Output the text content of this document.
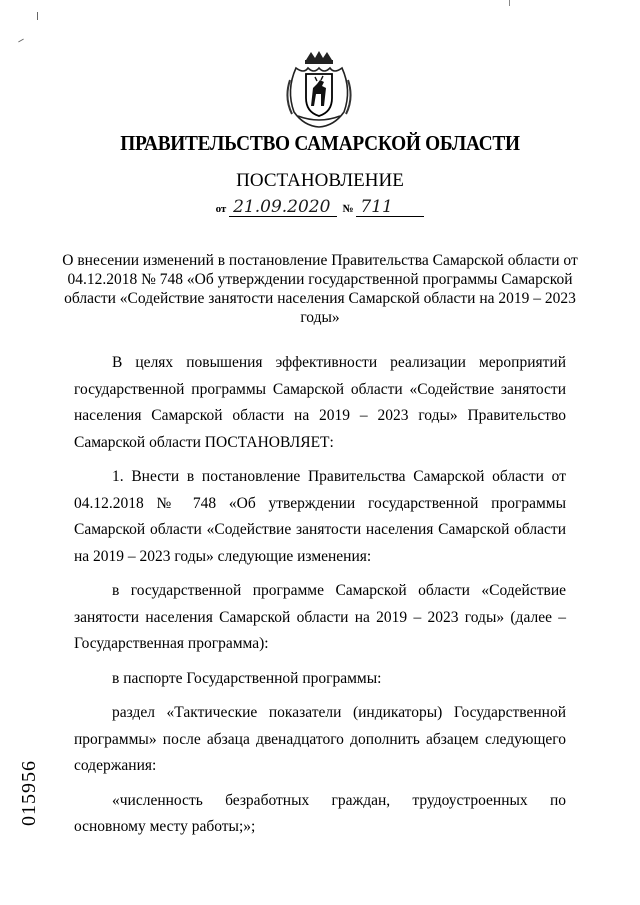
ПРАВИТЕЛЬСТВО САМАРСКОЙ ОБЛАСТИ
ПОСТАНОВЛЕНИЕ
от 21.09.2020 № 711
О внесении изменений в постановление Правительства Самарской области от 04.12.2018 № 748 «Об утверждении государственной программы Самарской области «Содействие занятости населения Самарской области на 2019 – 2023 годы»

В целях повышения эффективности реализации мероприятий государственной программы Самарской области «Содействие занятости населения Самарской области на 2019 – 2023 годы» Правительство Самарской области ПОСТАНОВЛЯЕТ:

1. Внести в постановление Правительства Самарской области от 04.12.2018 № 748 «Об утверждении государственной программы Самарской области «Содействие занятости населения Самарской области на 2019 – 2023 годы» следующие изменения:

в государственной программе Самарской области «Содействие занятости населения Самарской области на 2019 – 2023 годы» (далее – Государственная программа):

в паспорте Государственной программы:

раздел «Тактические показатели (индикаторы) Государственной программы» после абзаца двенадцатого дополнить абзацем следующего содержания:

«численность безработных граждан, трудоустроенных по основному месту работы;»;

015956
